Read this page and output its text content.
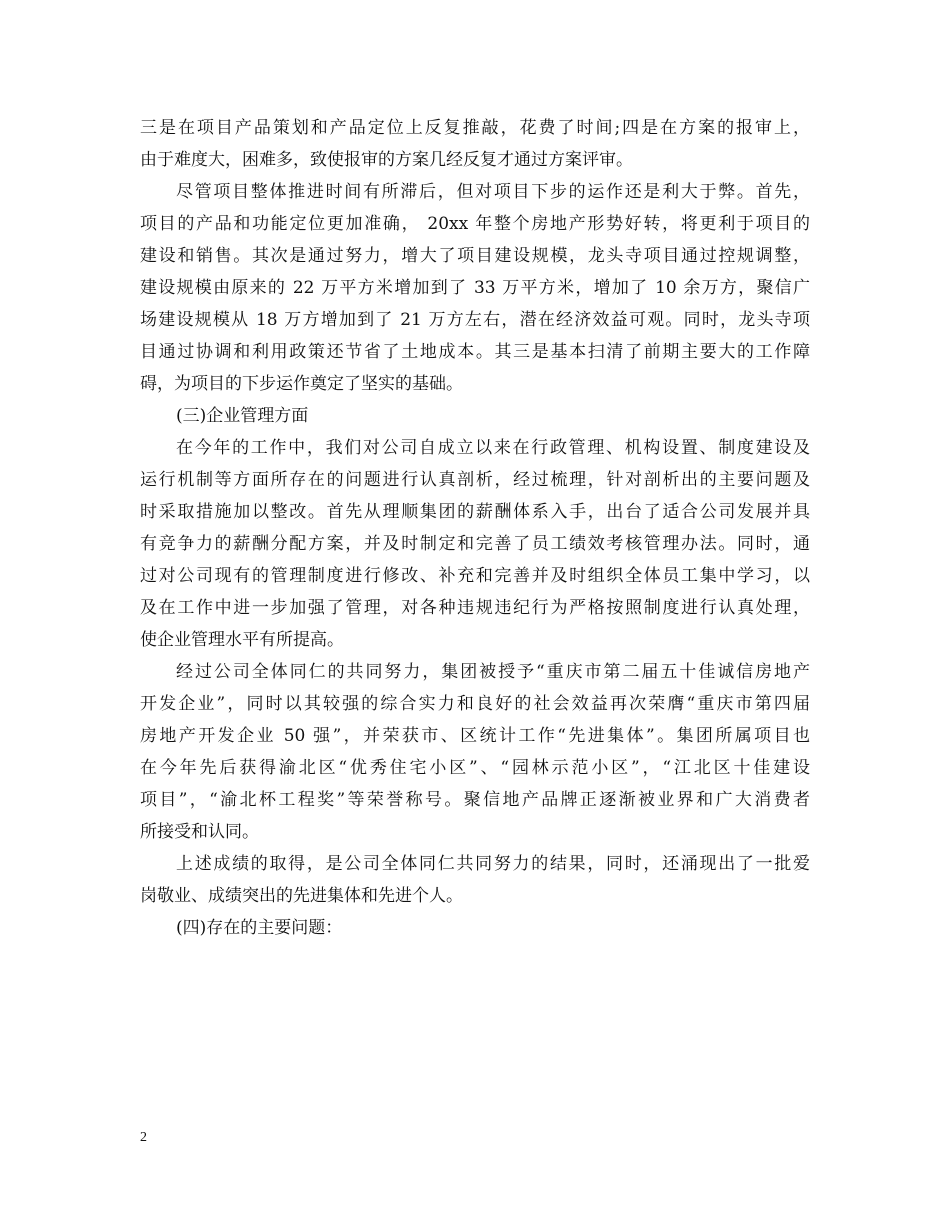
三是在项目产品策划和产品定位上反复推敲，花费了时间;四是在方案的报审上，
由于难度大，困难多，致使报审的方案几经反复才通过方案评审。
尽管项目整体推进时间有所滞后，但对项目下步的运作还是利大于弊。首先，
项目的产品和功能定位更加准确， 20xx 年整个房地产形势好转，将更利于项目的
建设和销售。其次是通过努力，增大了项目建设规模，龙头寺项目通过控规调整，
建设规模由原来的 22 万平方米增加到了 33 万平方米，增加了 10 余万方，聚信广
场建设规模从 18 万方增加到了 21 万方左右，潜在经济效益可观。同时，龙头寺项
目通过协调和利用政策还节省了土地成本。其三是基本扫清了前期主要大的工作障
碍，为项目的下步运作奠定了坚实的基础。
(三)企业管理方面
在今年的工作中，我们对公司自成立以来在行政管理、机构设置、制度建设及
运行机制等方面所存在的问题进行认真剖析，经过梳理，针对剖析出的主要问题及
时采取措施加以整改。首先从理顺集团的薪酬体系入手，出台了适合公司发展并具
有竞争力的薪酬分配方案，并及时制定和完善了员工绩效考核管理办法。同时，通
过对公司现有的管理制度进行修改、补充和完善并及时组织全体员工集中学习，以
及在工作中进一步加强了管理，对各种违规违纪行为严格按照制度进行认真处理，
使企业管理水平有所提高。
经过公司全体同仁的共同努力，集团被授予“重庆市第二届五十佳诚信房地产
开发企业”，同时以其较强的综合实力和良好的社会效益再次荣膺“重庆市第四届
房地产开发企业 50 强”，并荣获市、区统计工作“先进集体”。集团所属项目也
在今年先后获得渝北区“优秀住宅小区”、“园林示范小区”，“江北区十佳建设
项目”，“渝北杯工程奖”等荣誉称号。聚信地产品牌正逐渐被业界和广大消费者
所接受和认同。
上述成绩的取得，是公司全体同仁共同努力的结果，同时，还涌现出了一批爱
岗敬业、成绩突出的先进集体和先进个人。
(四)存在的主要问题：
2
